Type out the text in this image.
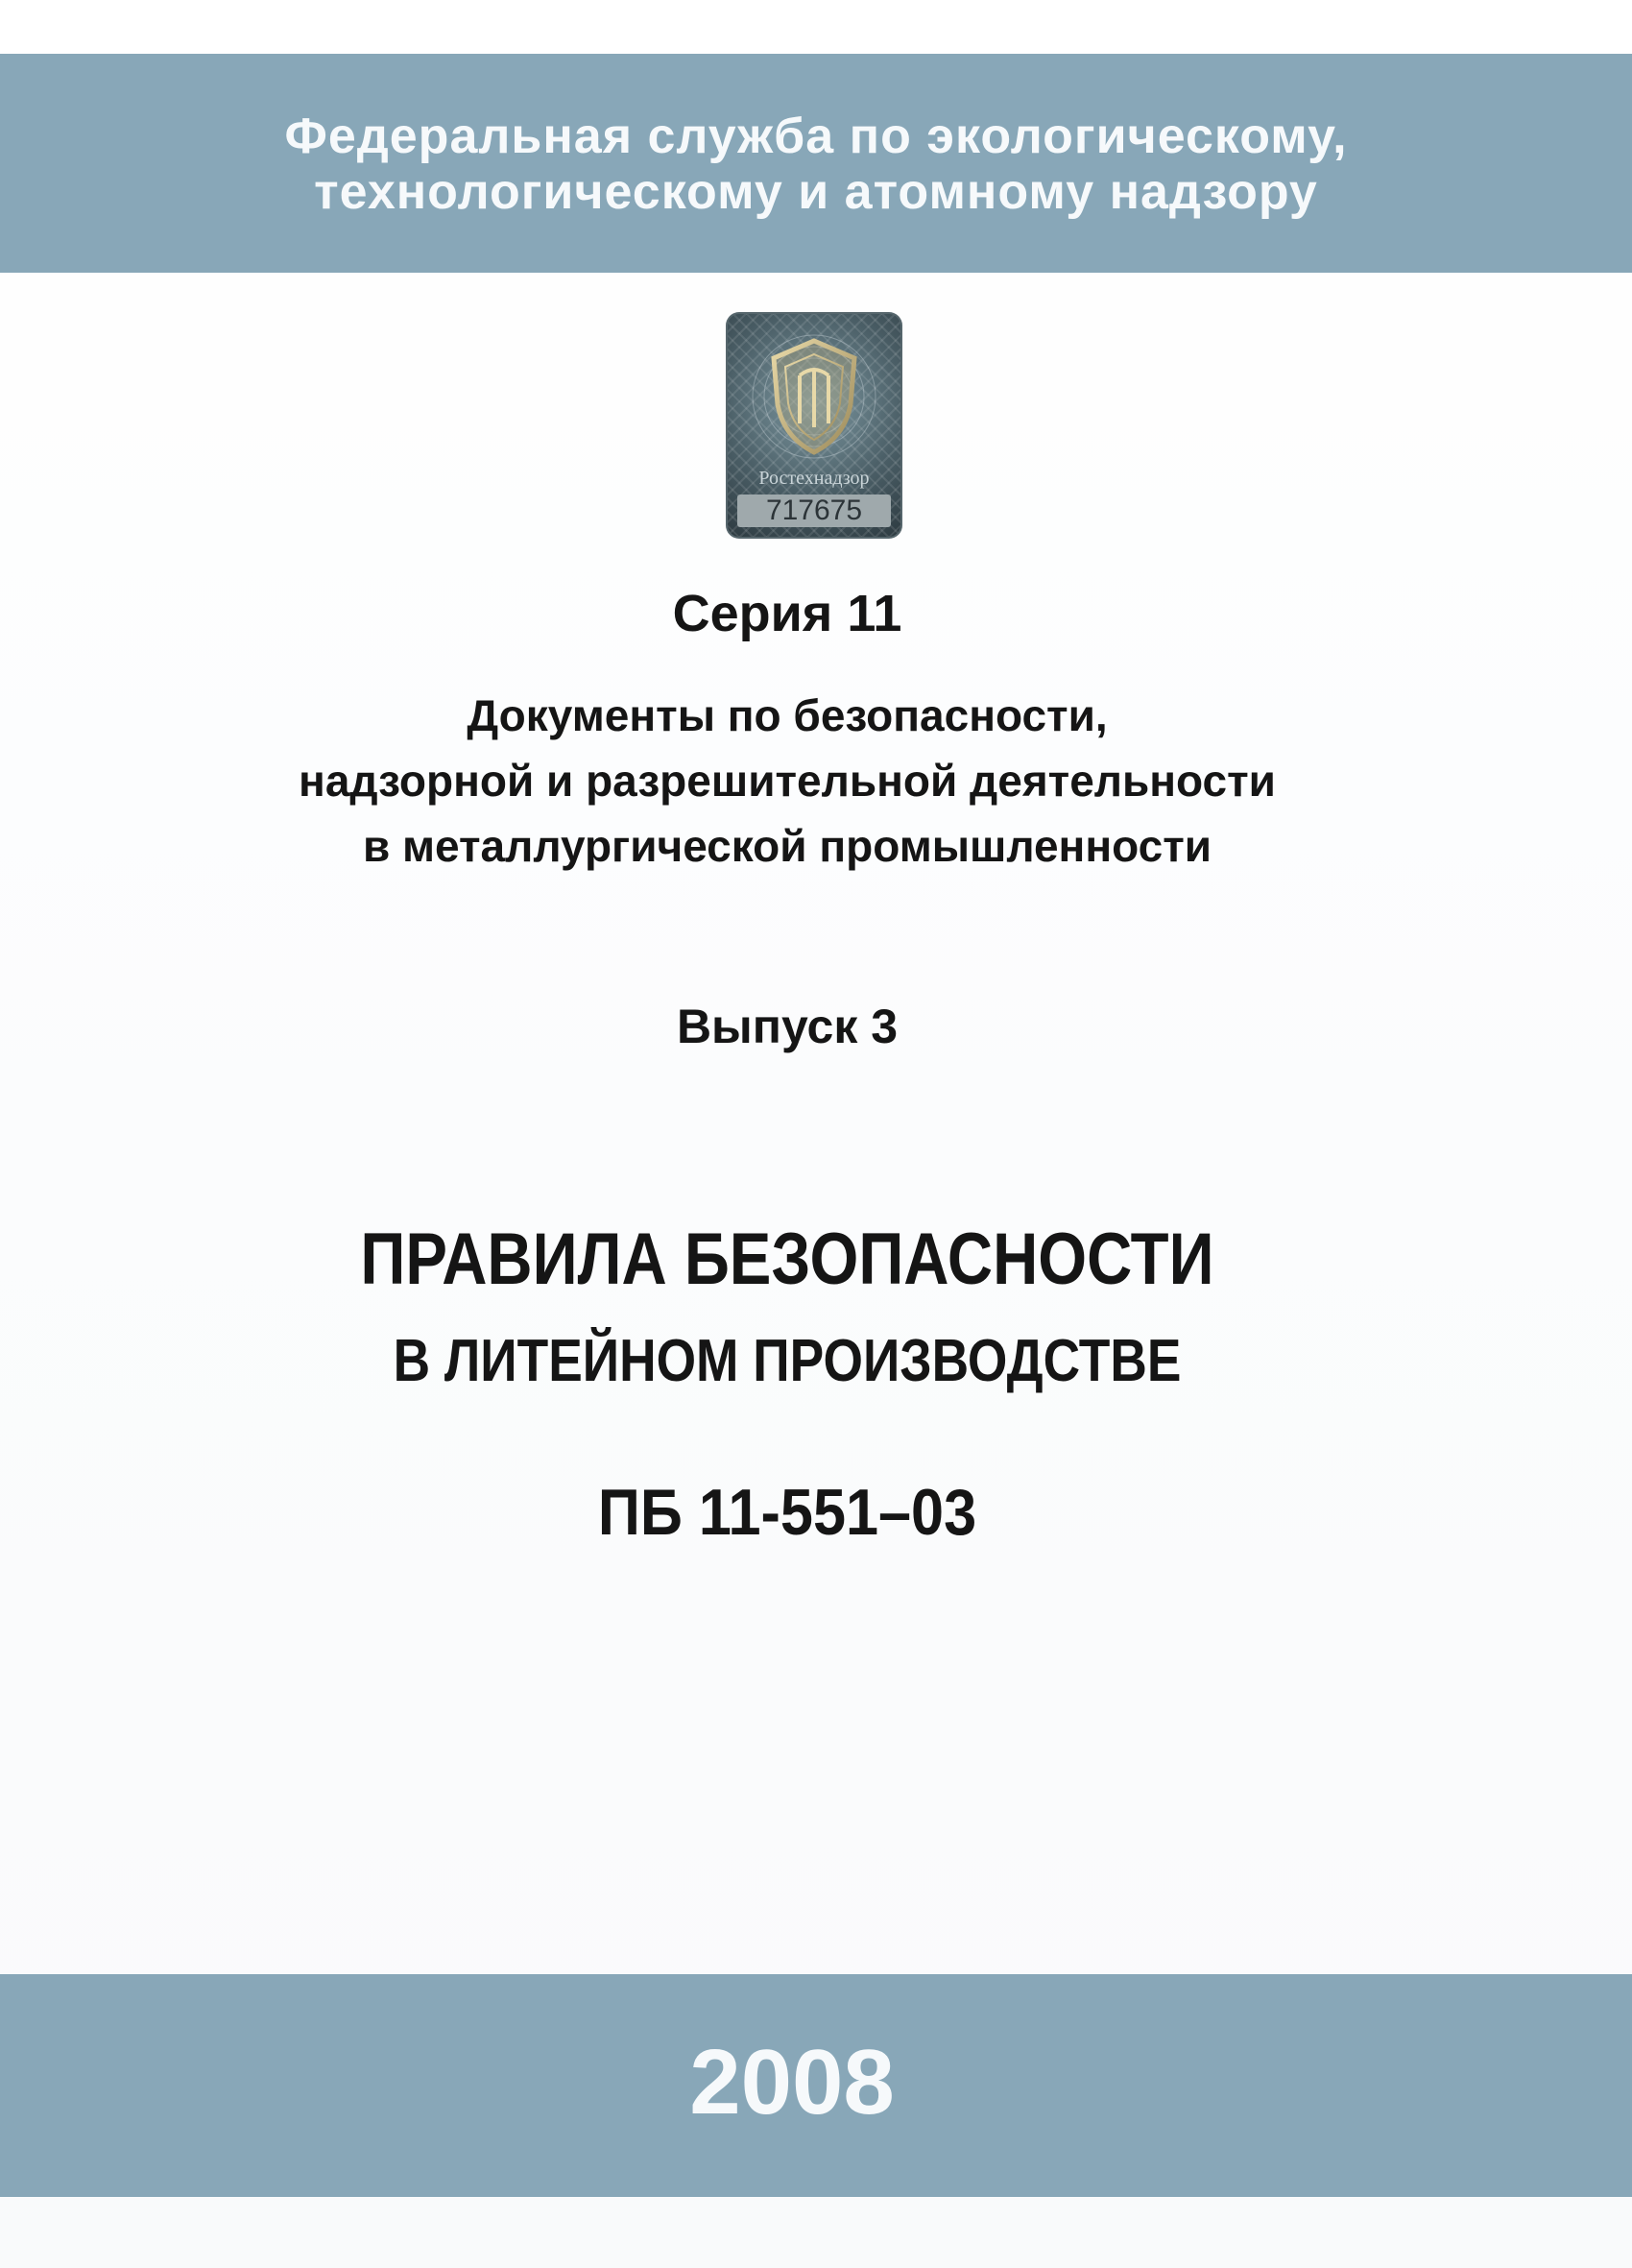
Федеральная служба по экологическому,
технологическому и атомному надзору
Ростехнадзор
717675
Серия 11
Документы по безопасности,
надзорной и разрешительной деятельности
в металлургической промышленности
Выпуск 3
ПРАВИЛА БЕЗОПАСНОСТИ
В ЛИТЕЙНОМ ПРОИЗВОДСТВЕ
ПБ 11-551–03
2008
